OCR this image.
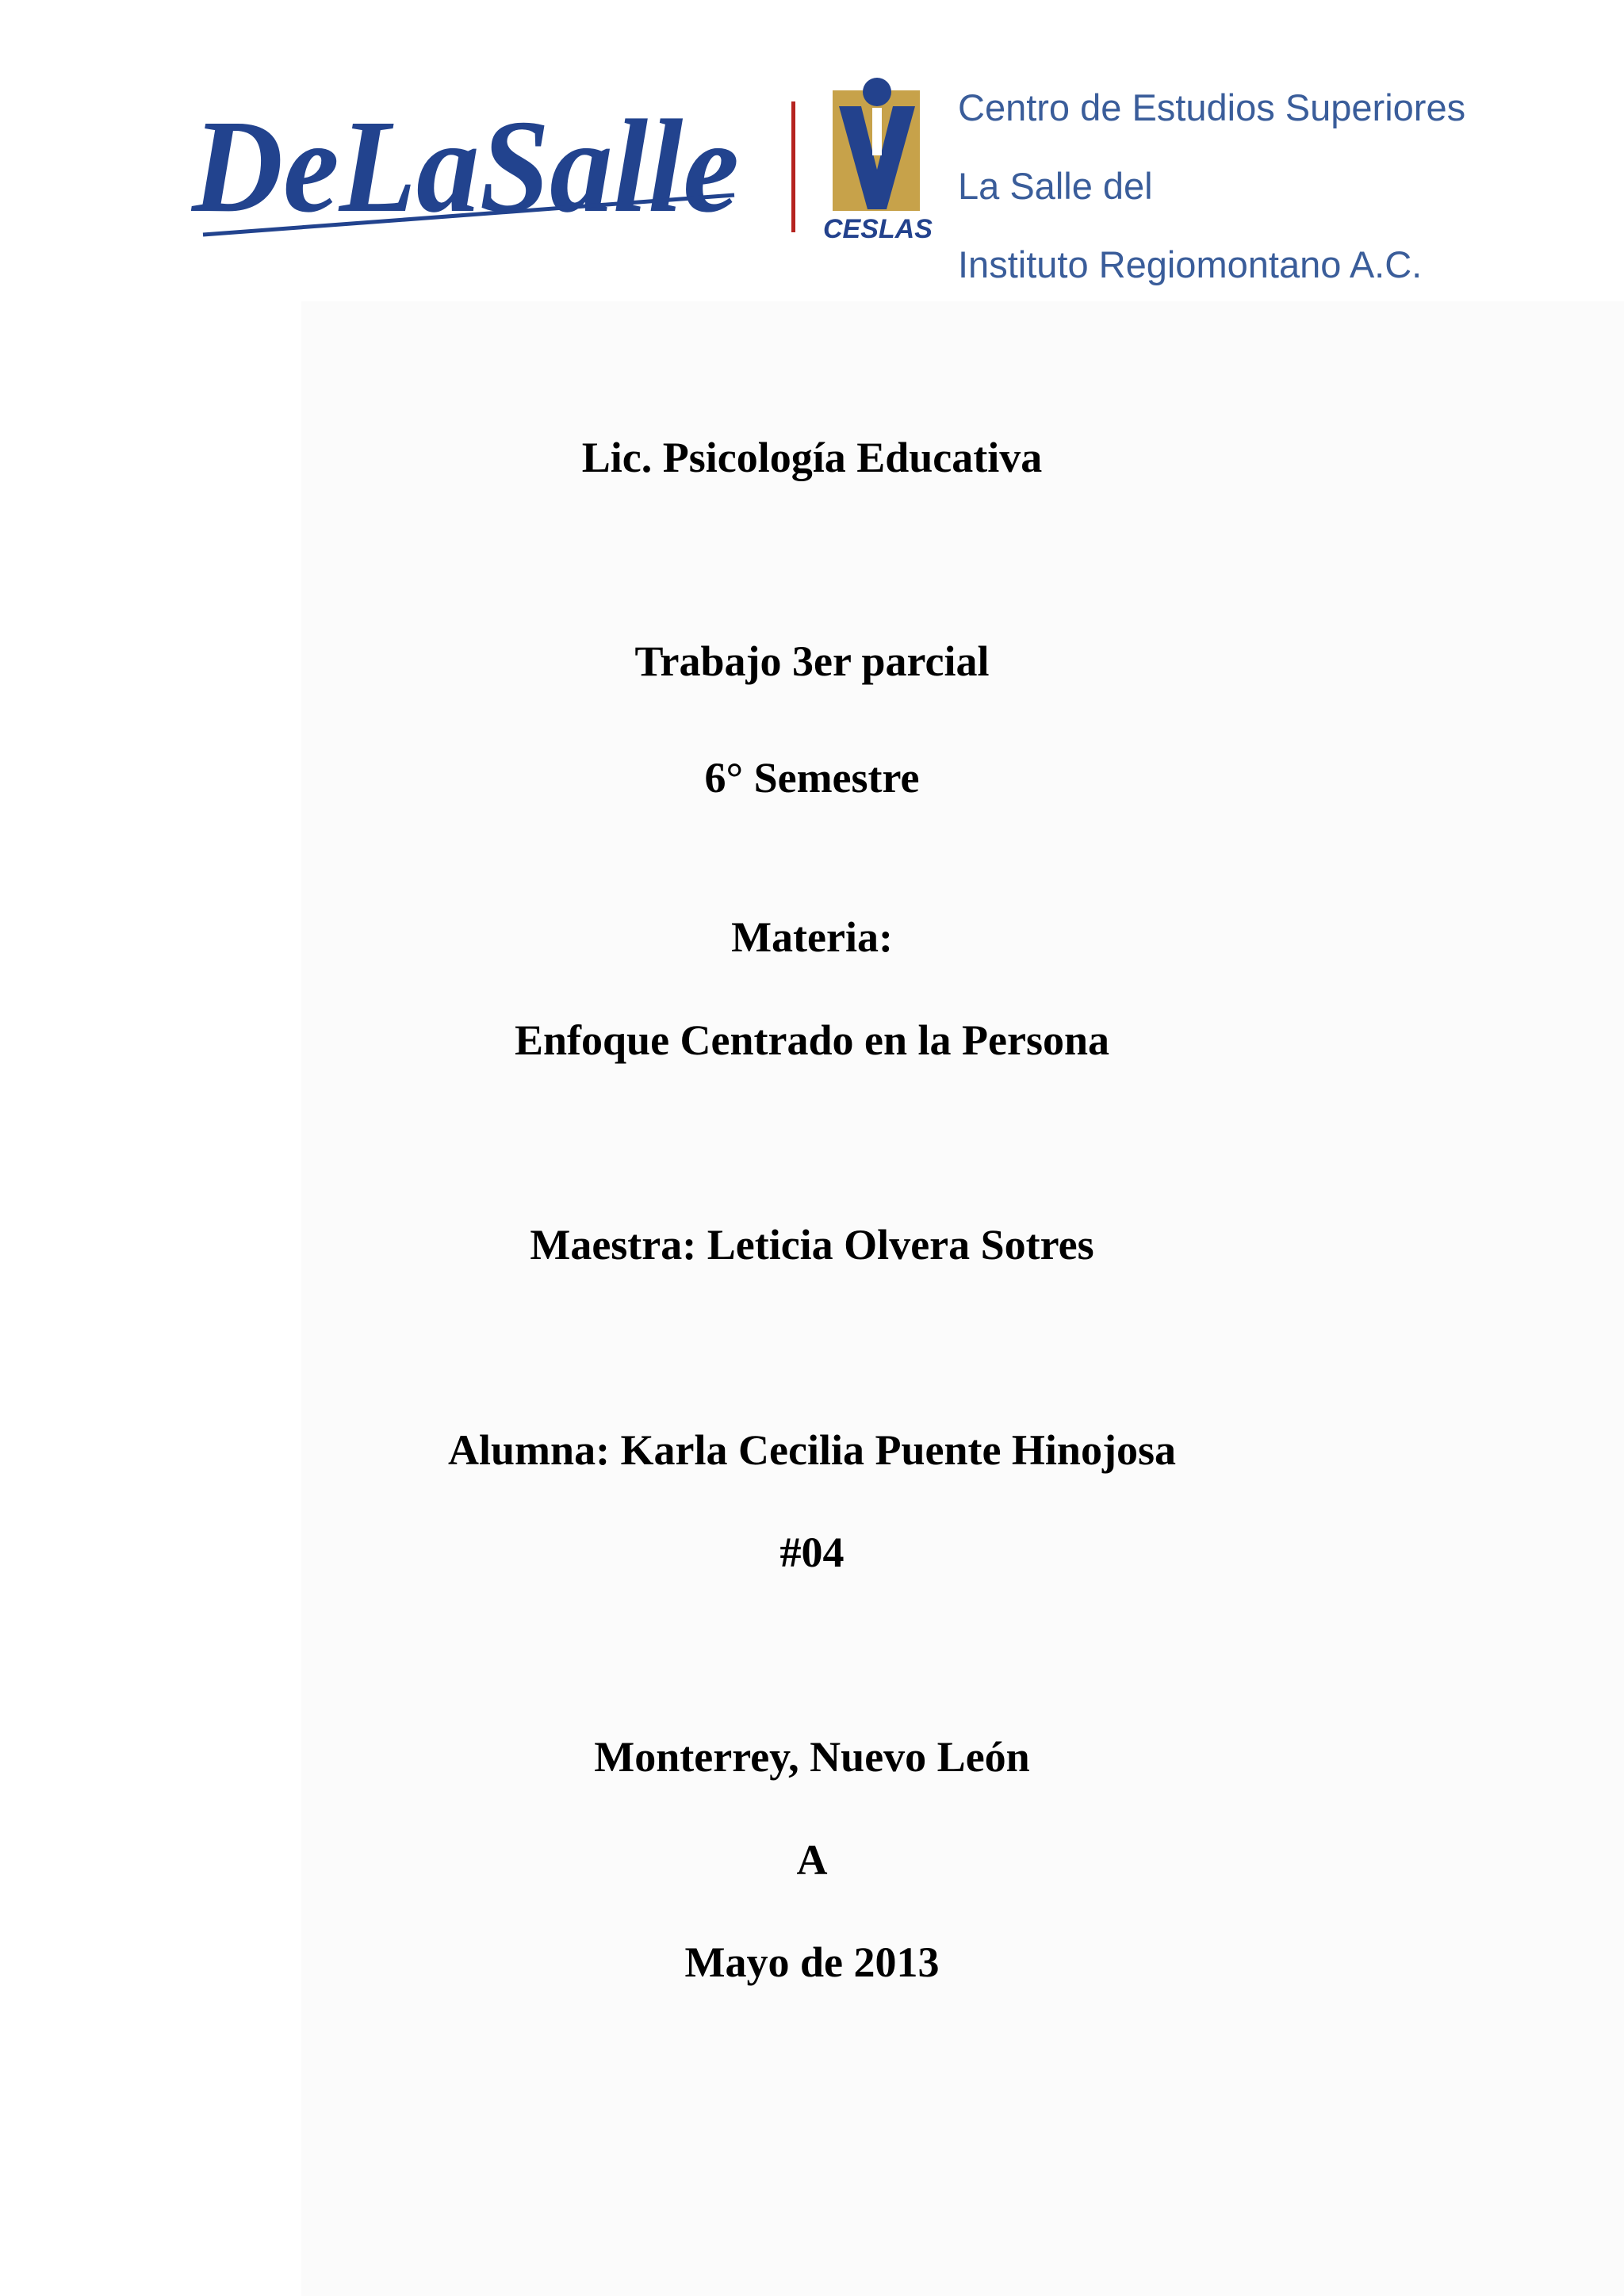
DeLaSalle	CESLAS
Centro de Estudios Superiores
La Salle del
Instituto Regiomontano A.C.
Lic. Psicología Educativa
Trabajo 3er parcial
6° Semestre
Materia:
Enfoque Centrado en la Persona
Maestra: Leticia Olvera Sotres
Alumna: Karla Cecilia Puente Hinojosa
#04
Monterrey, Nuevo León
A
Mayo de 2013
